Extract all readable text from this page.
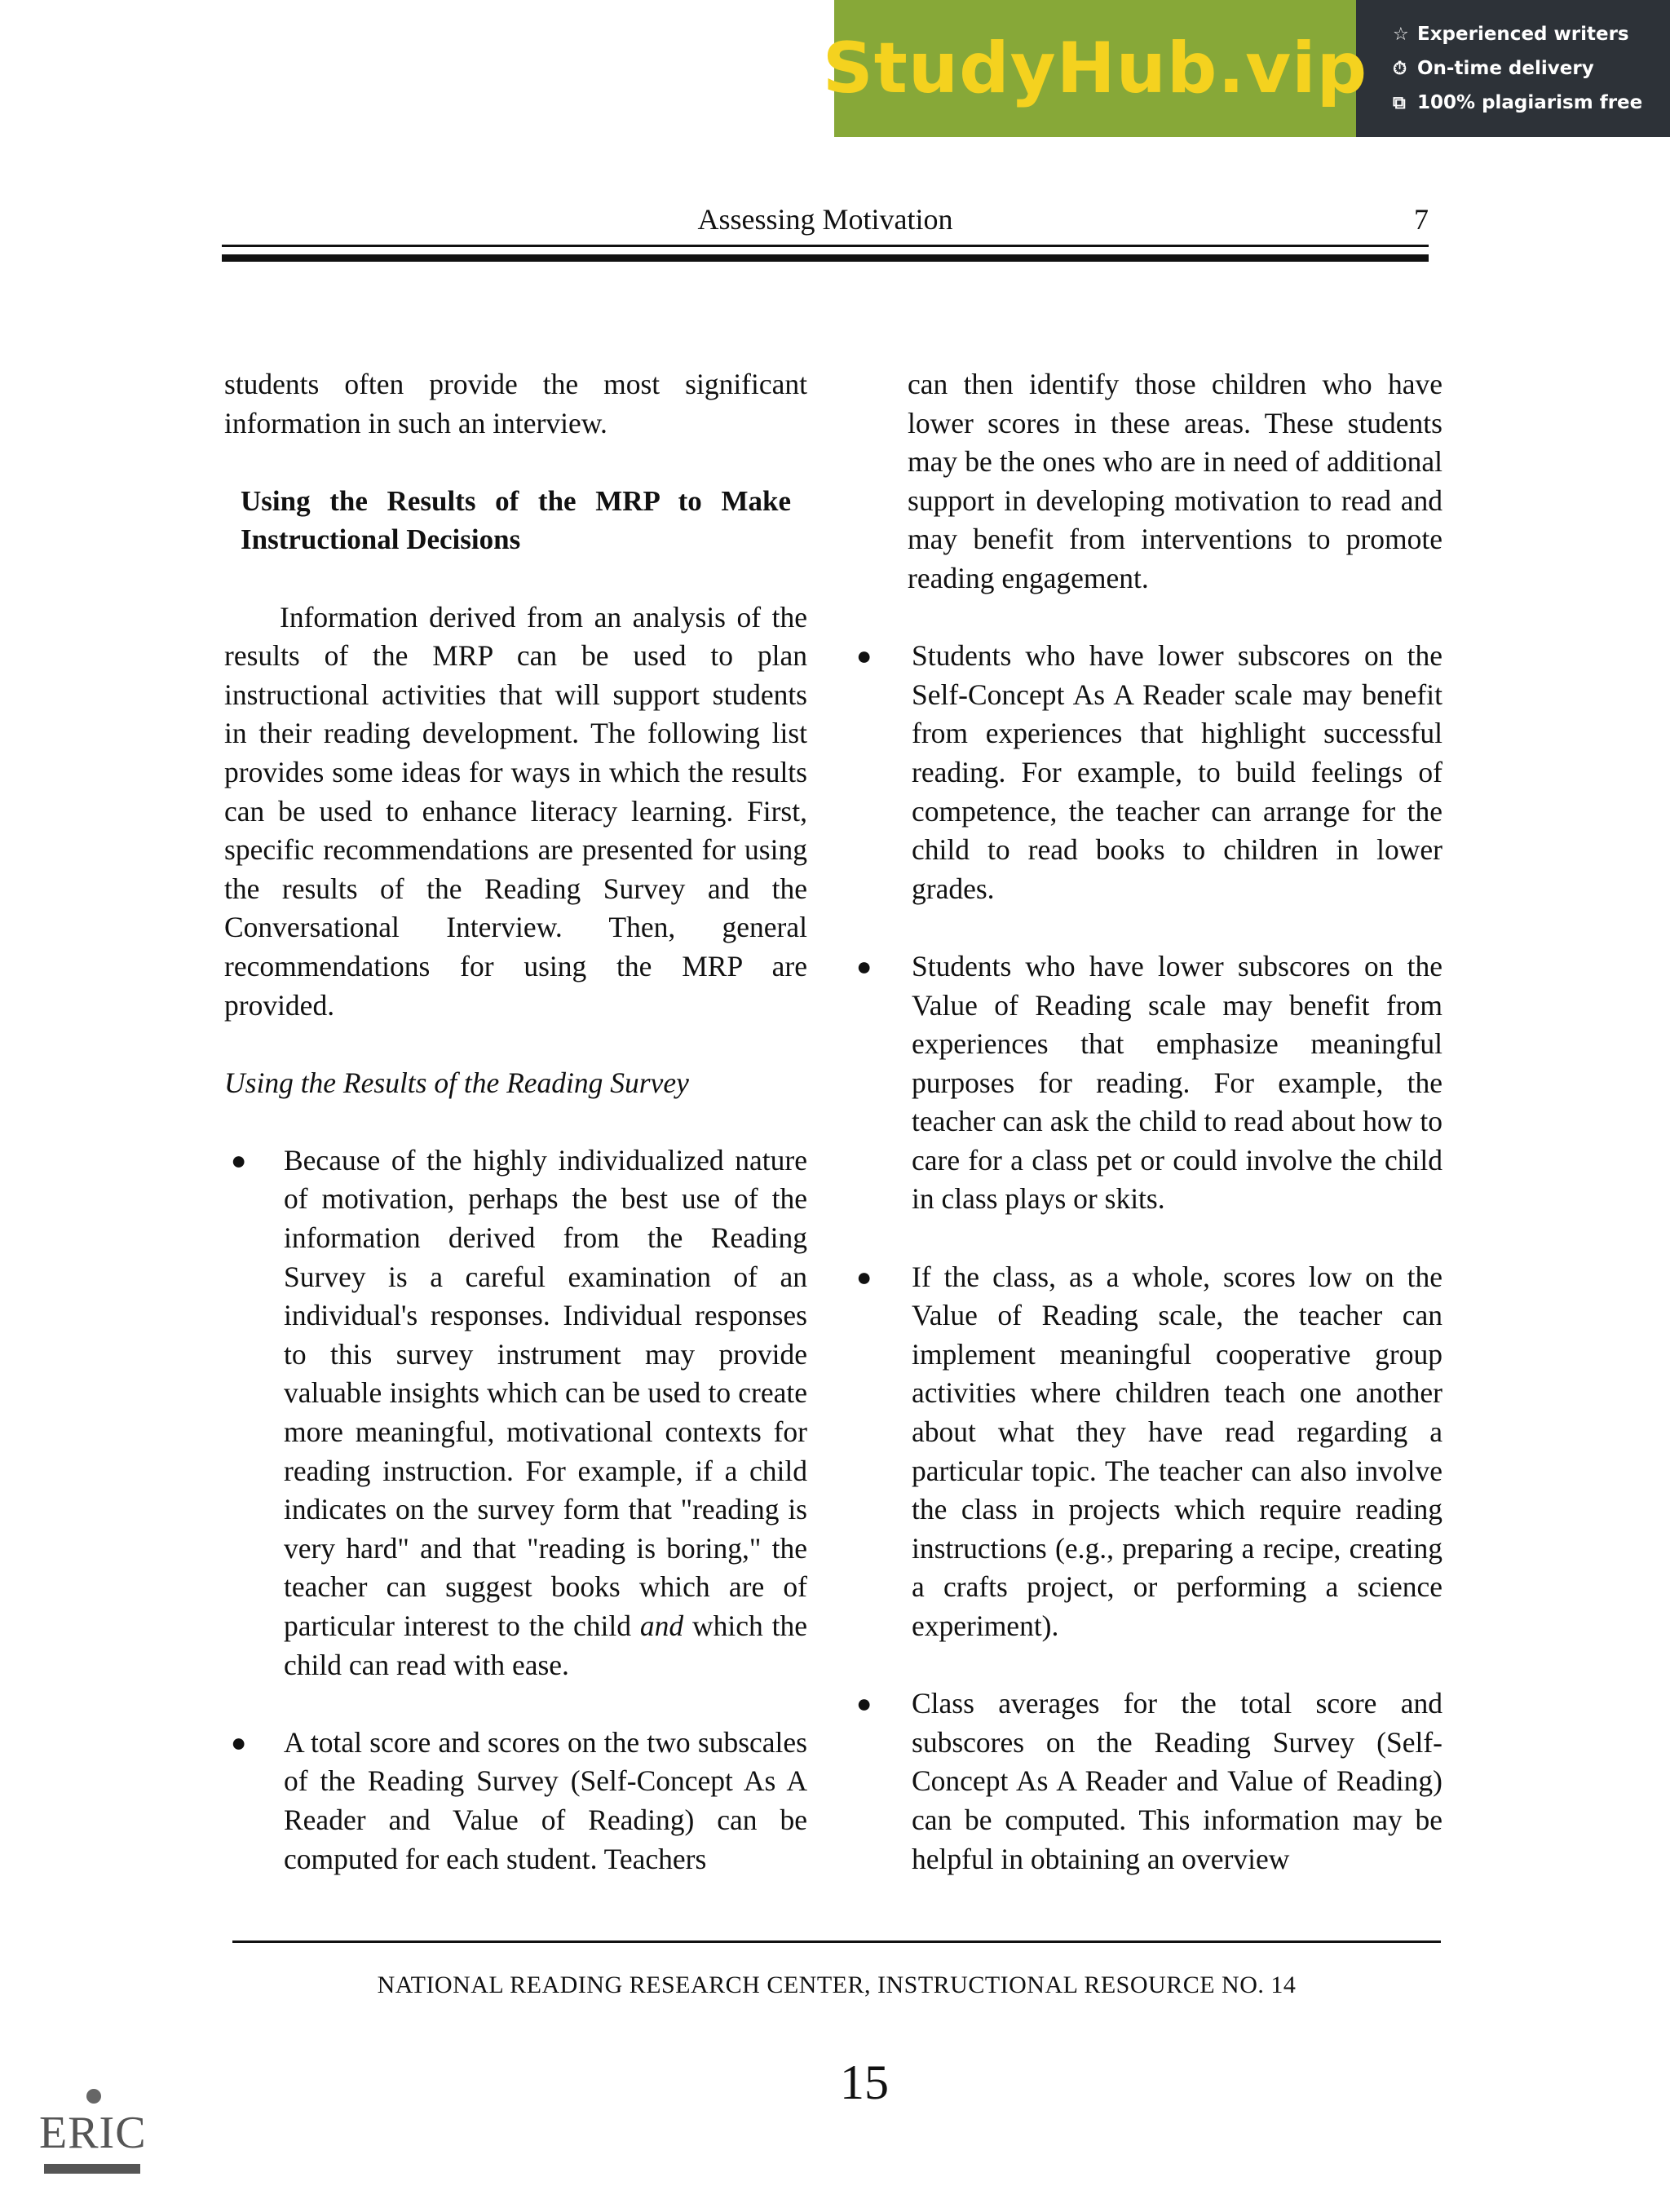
StudyHub.vip ☆ Experienced writers
⏱ On-time delivery
⧉ 100% plagiarism free
Assessing Motivation	7

students often provide the most significant information in such an interview.

Using the Results of the MRP to Make Instructional Decisions

Information derived from an analysis of the results of the MRP can be used to plan instructional activities that will support students in their reading development. The following list provides some ideas for ways in which the results can be used to enhance literacy learning. First, specific recommendations are presented for using the results of the Reading Survey and the Conversational Interview. Then, general recommendations for using the MRP are provided.

Using the Results of the Reading Survey

● Because of the highly individualized nature of motivation, perhaps the best use of the information derived from the Reading Survey is a careful examination of an individual's responses. Individual responses to this survey instrument may provide valuable insights which can be used to create more meaningful, motivational contexts for reading instruction. For example, if a child indicates on the survey form that "reading is very hard" and that "reading is boring," the teacher can suggest books which are of particular interest to the child and which the child can read with ease.

● A total score and scores on the two subscales of the Reading Survey (Self-Concept As A Reader and Value of Reading) can be computed for each student. Teachers

can then identify those children who have lower scores in these areas. These students may be the ones who are in need of additional support in developing motivation to read and may benefit from interventions to promote reading engagement.

● Students who have lower subscores on the Self-Concept As A Reader scale may benefit from experiences that highlight successful reading. For example, to build feelings of competence, the teacher can arrange for the child to read books to children in lower grades.

● Students who have lower subscores on the Value of Reading scale may benefit from experiences that emphasize meaningful purposes for reading. For example, the teacher can ask the child to read about how to care for a class pet or could involve the child in class plays or skits.

● If the class, as a whole, scores low on the Value of Reading scale, the teacher can implement meaningful cooperative group activities where children teach one another about what they have read regarding a particular topic. The teacher can also involve the class in projects which require reading instructions (e.g., preparing a recipe, creating a crafts project, or performing a science experiment).

● Class averages for the total score and subscores on the Reading Survey (Self-Concept As A Reader and Value of Reading) can be computed. This information may be helpful in obtaining an overview

NATIONAL READING RESEARCH CENTER, INSTRUCTIONAL RESOURCE NO. 14
15
ERIC
